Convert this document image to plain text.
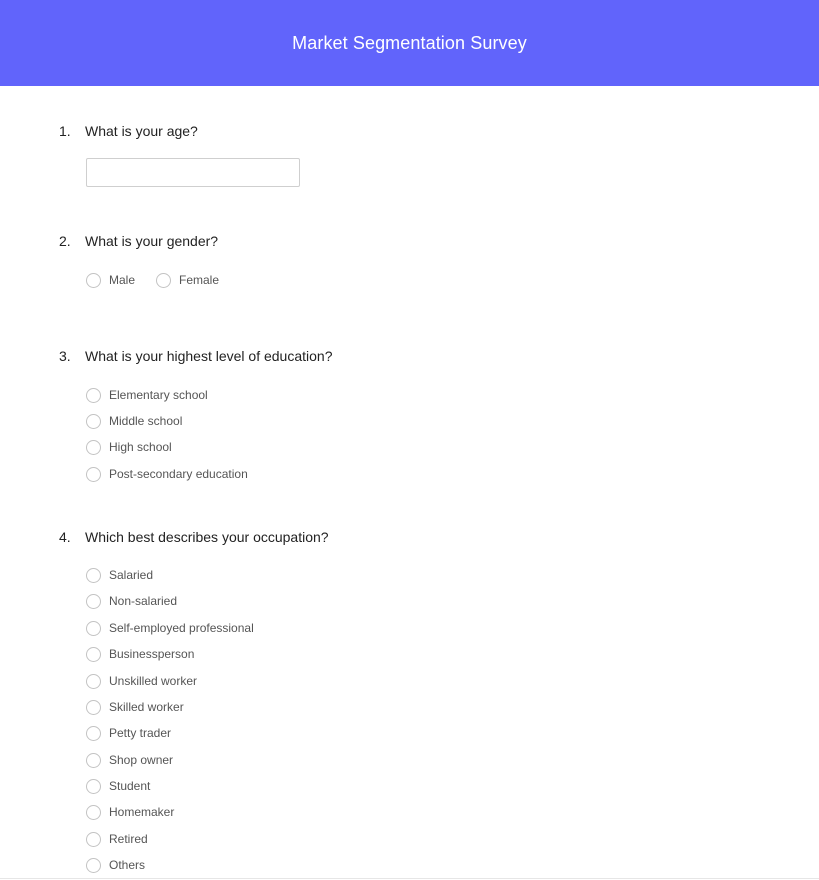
Market Segmentation Survey
1.	What is your age?
2.	What is your gender?
Male	Female
3.	What is your highest level of education?
Elementary school
Middle school
High school
Post-secondary education
4.	Which best describes your occupation?
Salaried
Non-salaried
Self-employed professional
Businessperson
Unskilled worker
Skilled worker
Petty trader
Shop owner
Student
Homemaker
Retired
Others
